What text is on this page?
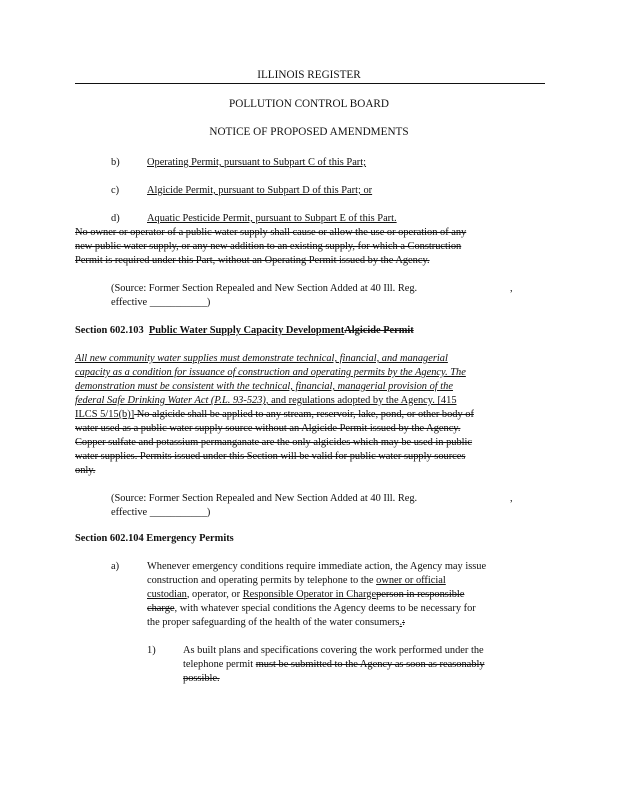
ILLINOIS REGISTER
POLLUTION CONTROL BOARD
NOTICE OF PROPOSED AMENDMENTS
b)	Operating Permit, pursuant to Subpart C of this Part;
c)	Algicide Permit, pursuant to Subpart D of this Part; or
d)	Aquatic Pesticide Permit, pursuant to Subpart E of this Part.
No owner or operator of a public water supply shall cause or allow the use or operation of any
new public water supply, or any new addition to an existing supply, for which a Construction
Permit is required under this Part, without an Operating Permit issued by the Agency.
(Source: Former Section Repealed and New Section Added at 40 Ill. Reg.	,
effective ___________)
Section 602.103 Public Water Supply Capacity DevelopmentAlgicide Permit
All new community water supplies must demonstrate technical, financial, and managerial
capacity as a condition for issuance of construction and operating permits by the Agency. The
demonstration must be consistent with the technical, financial, managerial provision of the
federal Safe Drinking Water Act (P.L. 93-523), and regulations adopted by the Agency. [415
ILCS 5/15(b)] No algicide shall be applied to any stream, reservoir, lake, pond, or other body of
water used as a public water supply source without an Algicide Permit issued by the Agency.
Copper sulfate and potassium permanganate are the only algicides which may be used in public
water supplies. Permits issued under this Section will be valid for public water supply sources
only.
(Source: Former Section Repealed and New Section Added at 40 Ill. Reg.	,
effective ___________)
Section 602.104 Emergency Permits
a)	Whenever emergency conditions require immediate action, the Agency may issue
construction and operating permits by telephone to the owner or official
custodian, operator, or Responsible Operator in Chargeperson in responsible
charge, with whatever special conditions the Agency deems to be necessary for
the proper safeguarding of the health of the water consumers.:
1)	As built plans and specifications covering the work performed under the
telephone permit must be submitted to the Agency as soon as reasonably
possible.
